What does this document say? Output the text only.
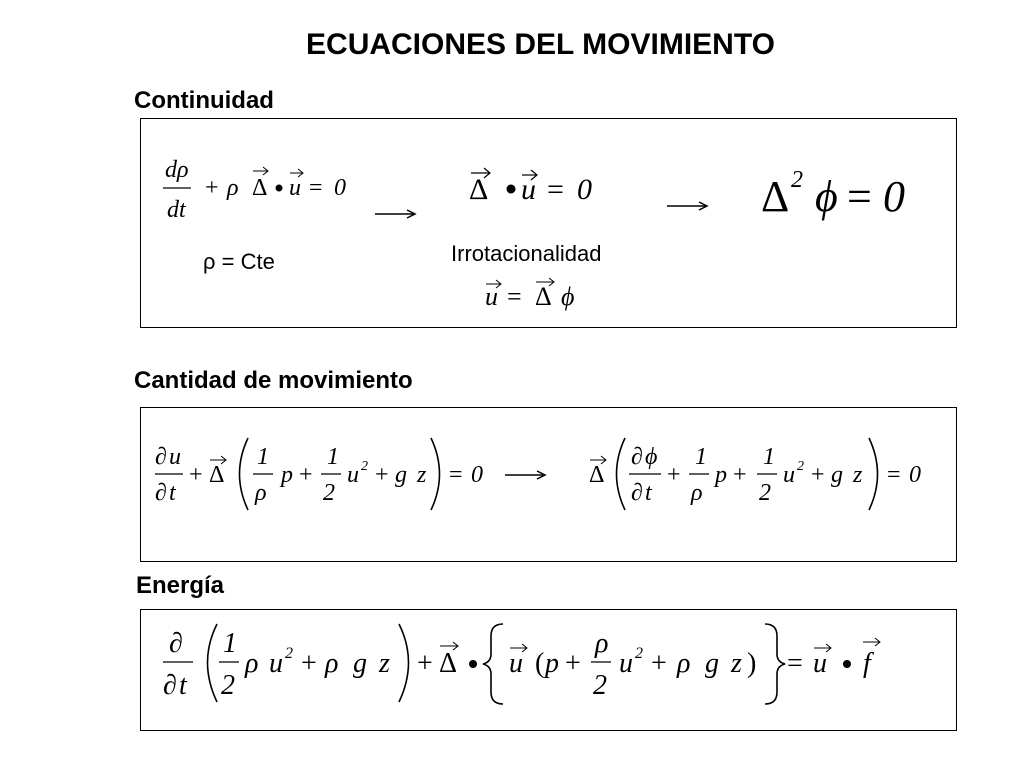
ECUACIONES DEL MOVIMIENTO
Continuidad
dρ
dt
+ ρ Δ u = 0	Δ u = 0	Δ 2 ϕ = 0
ρ = Cte	Irrotacionalidad
u = Δ ϕ
Cantidad de movimiento
∂ u
∂ t
+ Δ
1
ρ
p +
1
2
u 2 + g z = 0	Δ
∂ ϕ
∂ t
+
1
ρ
p +
1
2
u 2 + g z = 0
Energía
∂
∂ t
1
2
ρ u 2 + ρ g z + Δ u ( p +
ρ
2
u 2 + ρ g z ) = u f
